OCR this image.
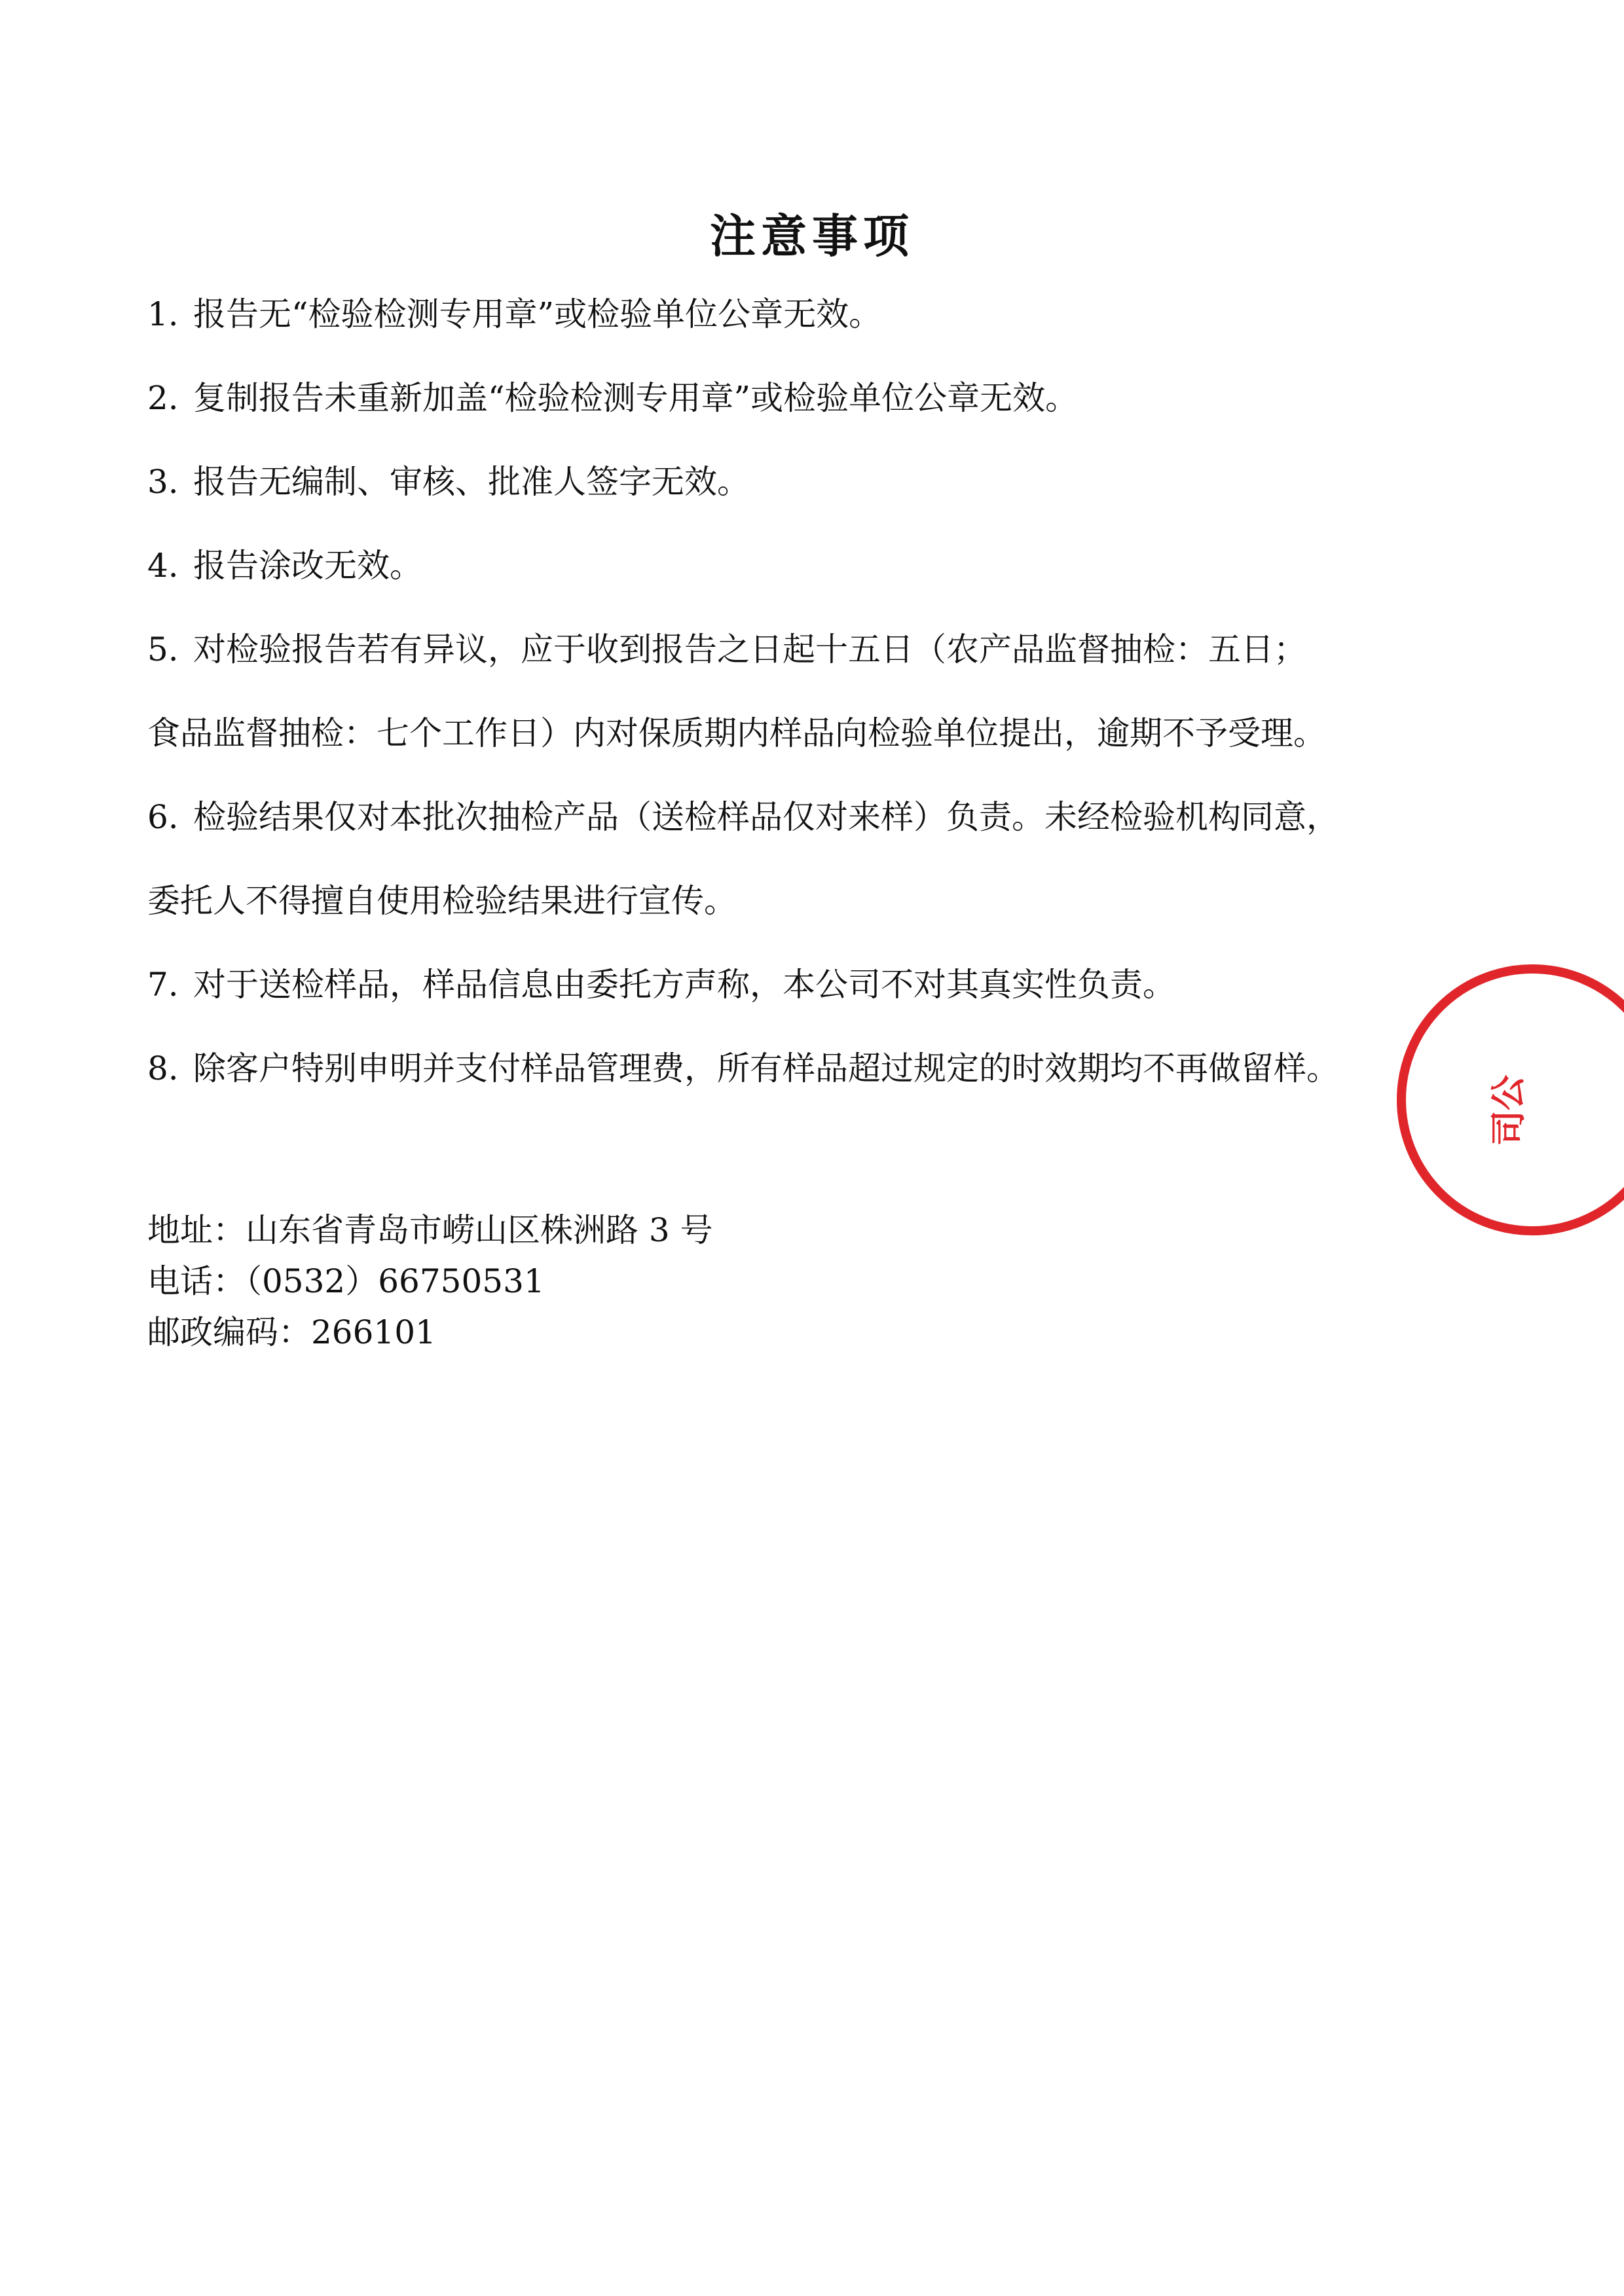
注意事项

1. 报告无“检验检测专用章”或检验单位公章无效。

2. 复制报告未重新加盖“检验检测专用章”或检验单位公章无效。

3. 报告无编制、审核、批准人签字无效。

4. 报告涂改无效。

5. 对检验报告若有异议，应于收到报告之日起十五日（农产品监督抽检：五日；

食品监督抽检：七个工作日）内对保质期内样品向检验单位提出，逾期不予受理。

6. 检验结果仅对本批次抽检产品（送检样品仅对来样）负责。未经检验机构同意，

委托人不得擅自使用检验结果进行宣传。

7. 对于送检样品，样品信息由委托方声称，本公司不对其真实性负责。

8. 除客户特别申明并支付样品管理费，所有样品超过规定的时效期均不再做留样。

地址：山东省青岛市崂山区株洲路 3 号

电话：（0532）66750531

邮政编码：266101

司公
